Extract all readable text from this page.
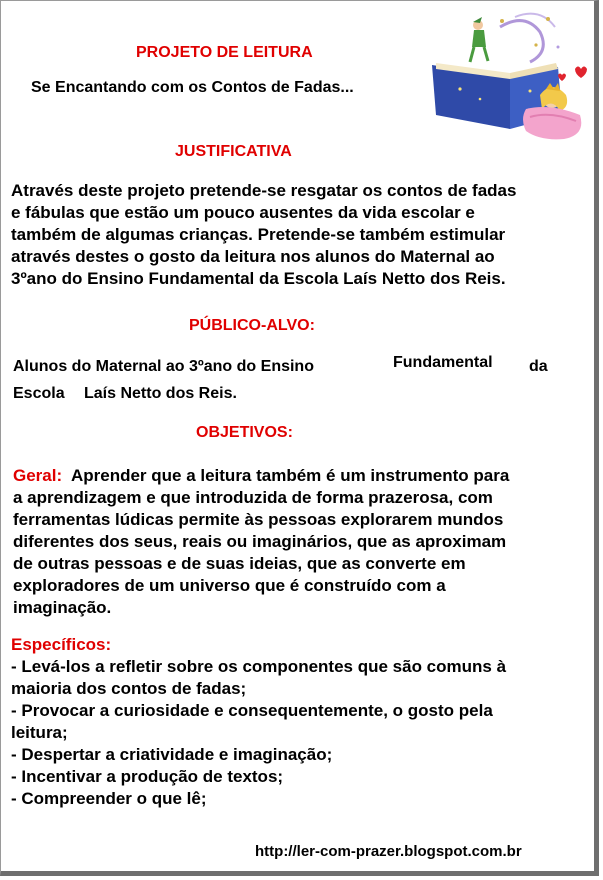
PROJETO DE LEITURA

Se Encantando com os Contos de Fadas...

JUSTIFICATIVA

Através deste projeto pretende-se resgatar os contos de fadas
e fábulas que estão um pouco ausentes da vida escolar e
também de algumas crianças. Pretende-se também estimular
através destes o gosto da leitura nos alunos do Maternal ao
3ºano do Ensino Fundamental da Escola Laís Netto dos Reis.

PÚBLICO-ALVO:

Alunos do Maternal ao 3ºano do Ensino	Fundamental da

Escola Laís Netto dos Reis.

OBJETIVOS:

Geral:  Aprender que a leitura também é um instrumento para
a aprendizagem e que introduzida de forma prazerosa, com
ferramentas lúdicas permite às pessoas explorarem mundos
diferentes dos seus, reais ou imaginários, que as aproximam
de outras pessoas e de suas ideias, que as converte em
exploradores de um universo que é construído com a
imaginação.
Específicos:
- Levá-los a refletir sobre os componentes que são comuns à
maioria dos contos de fadas;
- Provocar a curiosidade e consequentemente, o gosto pela
leitura;
- Despertar a criatividade e imaginação;
- Incentivar a produção de textos;
- Compreender o que lê;

http://ler-com-prazer.blogspot.com.br
